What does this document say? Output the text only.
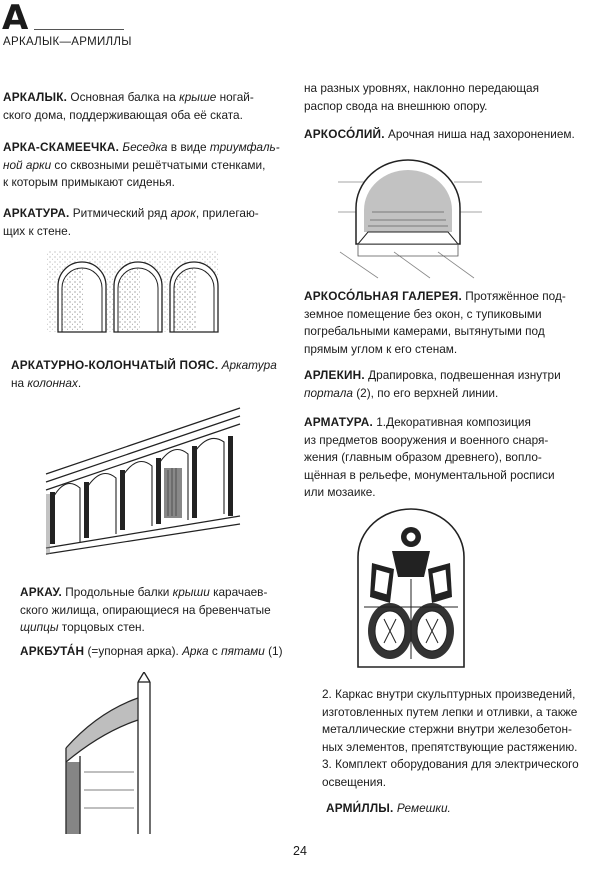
А
АРКАЛЫК—АРМИЛЛЫ
АРКАЛЫК. Основная балка на крыше ногай-
ского дома, поддерживающая оба её ската.
АРКА-СКАМЕЕЧКА. Беседка в виде триумфаль-
ной арки со сквозными решётчатыми стенками,
к которым примыкают сиденья.
АРКАТУРА. Ритмический ряд арок, прилегаю-
щих к стене.
АРКАТУРНО-КОЛОНЧАТЫЙ ПОЯС. Аркатура
на колоннах.
АРКАУ. Продольные балки крыши карачаев-
ского жилища, опирающиеся на бревенчатые
щипцы торцовых стен.
АРКБУТА́Н (=упорная арка). Арка с пятами (1)
на разных уровнях, наклонно передающая
распор свода на внешнюю опору.
АРКОСО́ЛИЙ. Арочная ниша над захоронением.
АРКОСО́ЛЬНАЯ ГАЛЕРЕЯ. Протяжённое под-
земное помещение без окон, с тупиковыми
погребальными камерами, вытянутыми под
прямым углом к его стенам.
АРЛЕКИН. Драпировка, подвешенная изнутри
портала (2), по его верхней линии.
АРМАТУРА. 1.Декоративная композиция
из предметов вооружения и военного снаря-
жения (главным образом древнего), вопло-
щённая в рельефе, монументальной росписи
или мозаике.
2. Каркас внутри скульптурных произведений,
изготовленных путем лепки и отливки, а также
металлические стержни внутри железобетон-
ных элементов, препятствующие растяжению.
3. Комплект оборудования для электрического
освещения.
АРМИ́ЛЛЫ. Ремешки.
24
